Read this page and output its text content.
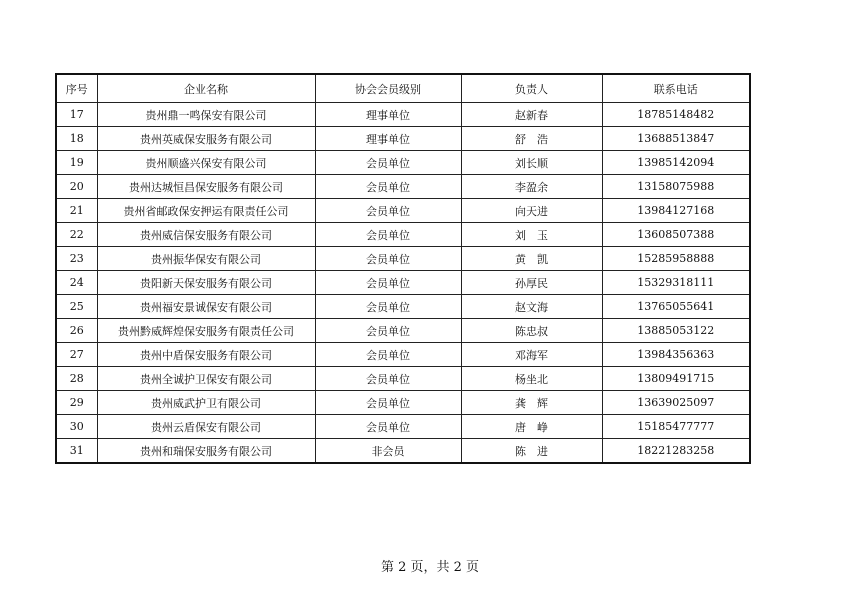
序号	企业名称	协会会员级别	负责人	联系电话
17	贵州鼎一鸣保安有限公司	理事单位	赵新春	18785148482
18	贵州英威保安服务有限公司	理事单位	舒　浩	13688513847
19	贵州顺盛兴保安有限公司	会员单位	刘长顺	13985142094
20	贵州达城恒昌保安服务有限公司	会员单位	李盈余	13158075988
21	贵州省邮政保安押运有限责任公司	会员单位	向天进	13984127168
22	贵州威信保安服务有限公司	会员单位	刘　玉	13608507388
23	贵州振华保安有限公司	会员单位	黄　凯	15285958888
24	贵阳新天保安服务有限公司	会员单位	孙厚民	15329318111
25	贵州福安景诚保安有限公司	会员单位	赵文海	13765055641
26	贵州黔威辉煌保安服务有限责任公司	会员单位	陈忠叔	13885053122
27	贵州中盾保安服务有限公司	会员单位	邓海军	13984356363
28	贵州全诚护卫保安有限公司	会员单位	杨坐北	13809491715
29	贵州威武护卫有限公司	会员单位	龚　辉	13639025097
30	贵州云盾保安有限公司	会员单位	唐　峥	15185477777
31	贵州和瑞保安服务有限公司	非会员	陈　进	18221283258
第 2 页，共 2 页
